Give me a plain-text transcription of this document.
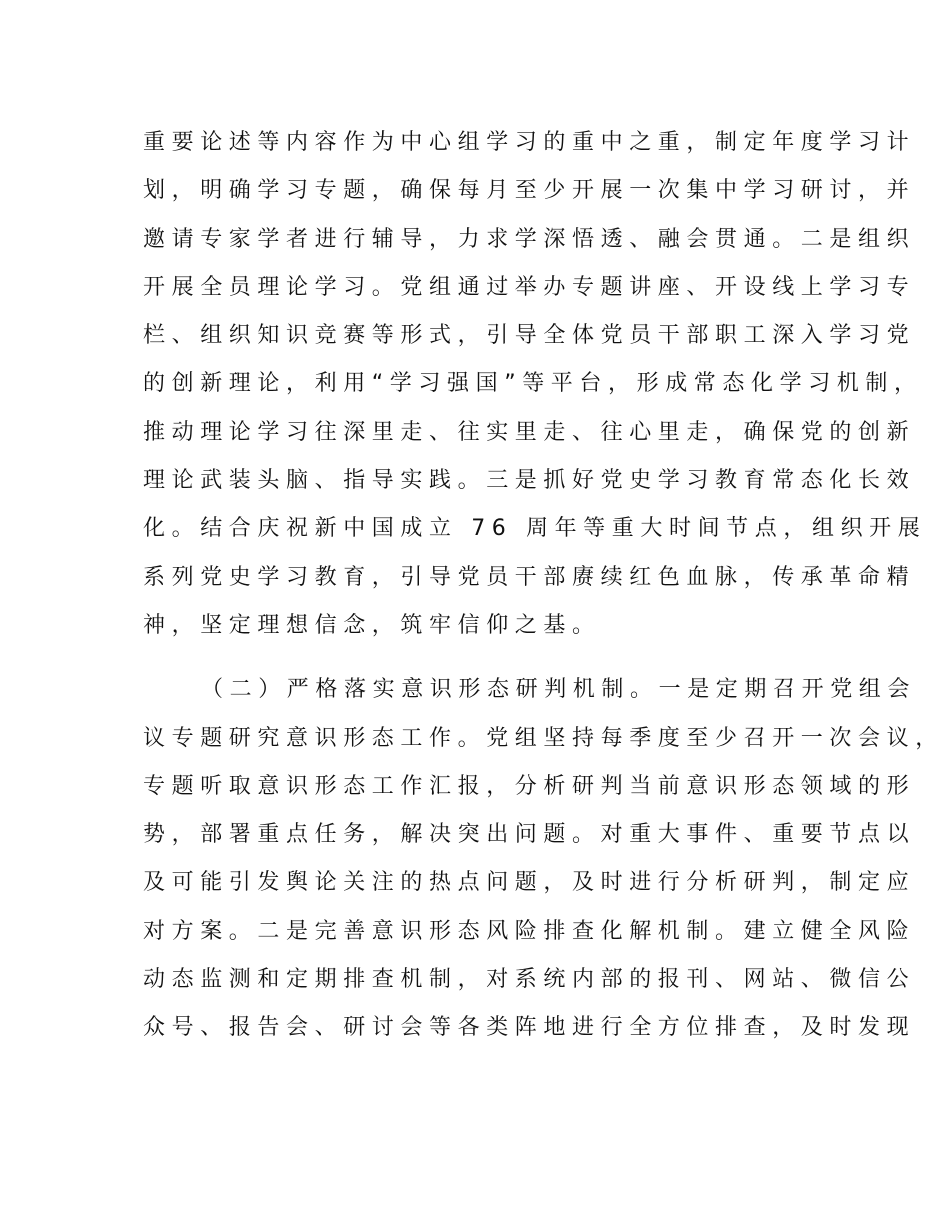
重要论述等内容作为中心组学习的重中之重，制定年度学习计
划，明确学习专题，确保每月至少开展一次集中学习研讨，并
邀请专家学者进行辅导，力求学深悟透、融会贯通。二是组织
开展全员理论学习。党组通过举办专题讲座、开设线上学习专
栏、组织知识竞赛等形式，引导全体党员干部职工深入学习党
的创新理论，利用“学习强国”等平台，形成常态化学习机制，
推动理论学习往深里走、往实里走、往心里走，确保党的创新
理论武装头脑、指导实践。三是抓好党史学习教育常态化长效
化。结合庆祝新中国成立 76 周年等重大时间节点，组织开展
系列党史学习教育，引导党员干部赓续红色血脉，传承革命精
神，坚定理想信念，筑牢信仰之基。

（二）严格落实意识形态研判机制。一是定期召开党组会
议专题研究意识形态工作。党组坚持每季度至少召开一次会议，
专题听取意识形态工作汇报，分析研判当前意识形态领域的形
势，部署重点任务，解决突出问题。对重大事件、重要节点以
及可能引发舆论关注的热点问题，及时进行分析研判，制定应
对方案。二是完善意识形态风险排查化解机制。建立健全风险
动态监测和定期排查机制，对系统内部的报刊、网站、微信公
众号、报告会、研讨会等各类阵地进行全方位排查，及时发现
